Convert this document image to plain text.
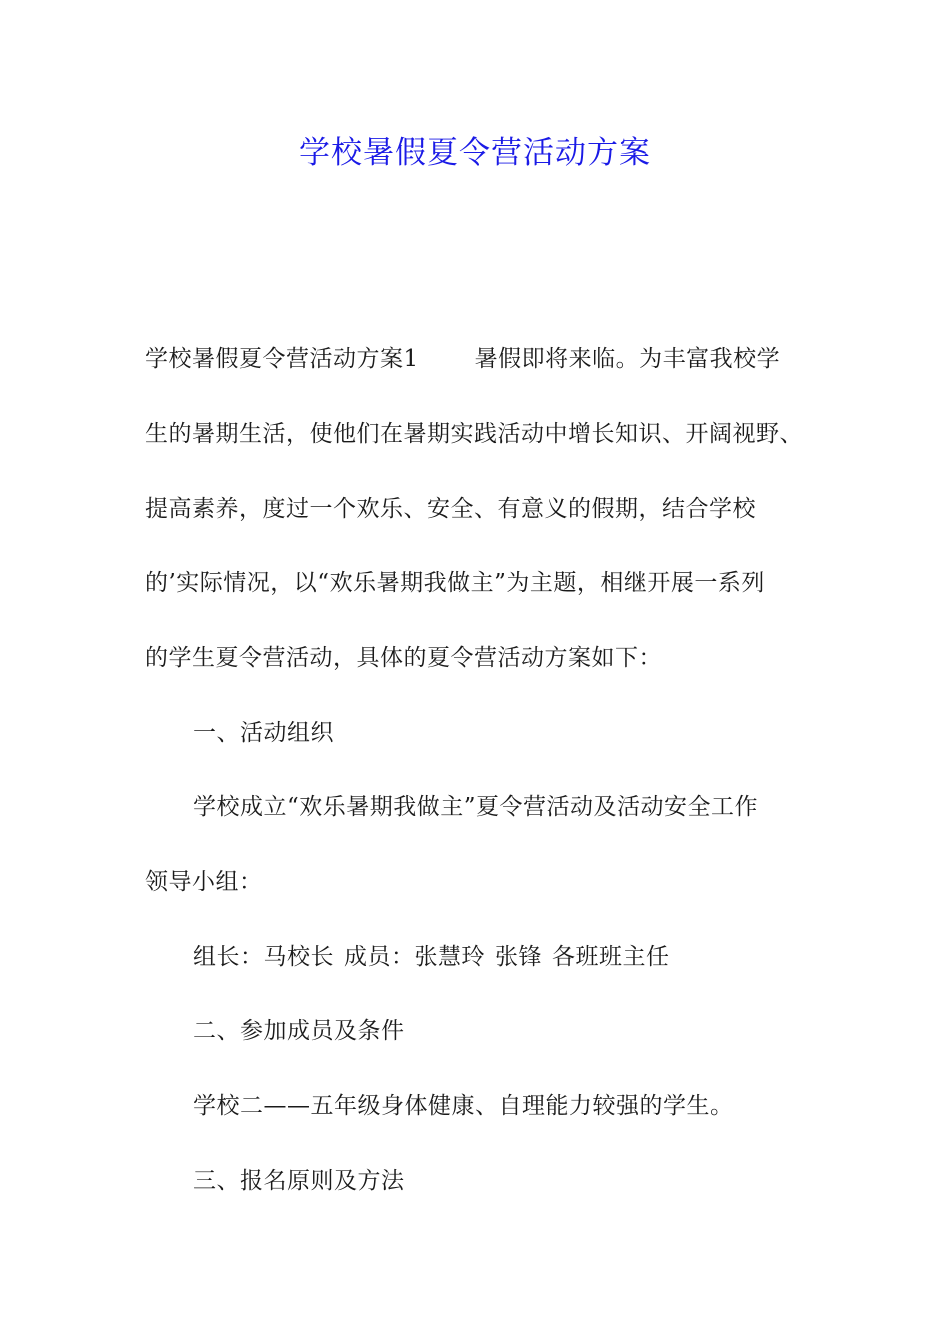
学校暑假夏令营活动方案
学校暑假夏令营活动方案1 暑假即将来临。为丰富我校学
生的暑期生活，使他们在暑期实践活动中增长知识、开阔视野、
提高素养，度过一个欢乐、安全、有意义的假期，结合学校
的’实际情况，以“欢乐暑期我做主”为主题，相继开展一系列
的学生夏令营活动，具体的夏令营活动方案如下：
一、活动组织
学校成立“欢乐暑期我做主”夏令营活动及活动安全工作
领导小组：
组长：马校长 成员：张慧玲 张锋 各班班主任
二、参加成员及条件
学校二——五年级身体健康、自理能力较强的学生。
三、报名原则及方法
